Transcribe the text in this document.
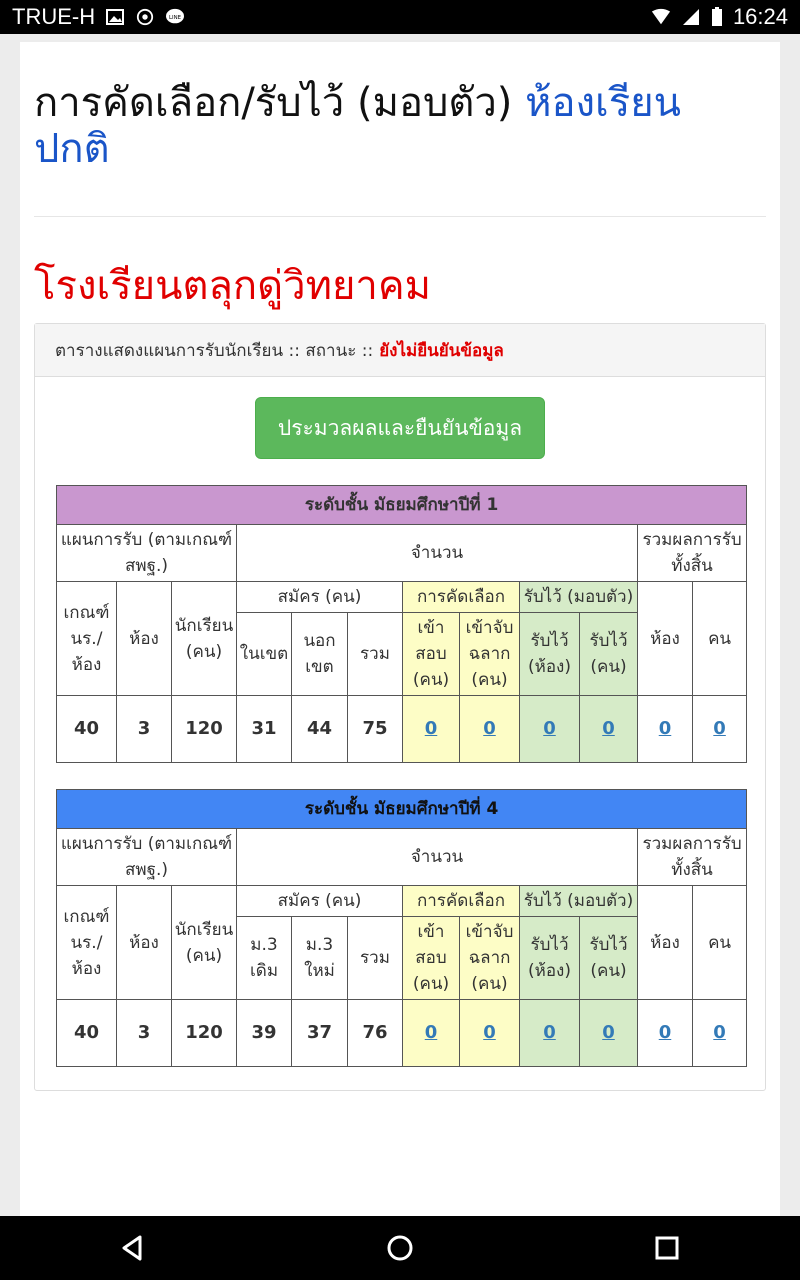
TRUE-H	LINE	16:24
การคัดเลือก/รับไว้ (มอบตัว) ห้องเรียน
ปกติ
โรงเรียนตลุกดู่วิทยาคม
ตารางแสดงแผนการรับนักเรียน :: สถานะ :: ยังไม่ยืนยันข้อมูล
ประมวลผลและยืนยันข้อมูล
ระดับชั้น มัธยมศึกษาปีที่ 1											
แผนการรับ (ตามเกณฑ์ สพฐ.)			จำนวน							รวมผลการรับทั้งสิ้น	
เกณฑ์ นร./ห้อง	ห้อง	นักเรียน (คน)	สมัคร (คน)			การคัดเลือก		รับไว้ (มอบตัว)		ห้อง	คน
			ในเขต	นอกเขต	รวม	เข้าสอบ (คน)	เข้าจับฉลาก (คน)	รับไว้ (ห้อง)	รับไว้ (คน)		
40	3	120	31	44	75	0	0	0	0	0	0
ระดับชั้น มัธยมศึกษาปีที่ 4											
แผนการรับ (ตามเกณฑ์ สพฐ.)			จำนวน							รวมผลการรับทั้งสิ้น	
เกณฑ์ นร./ห้อง	ห้อง	นักเรียน (คน)	สมัคร (คน)			การคัดเลือก		รับไว้ (มอบตัว)		ห้อง	คน
			ม.3 เดิม	ม.3 ใหม่	รวม	เข้าสอบ (คน)	เข้าจับฉลาก (คน)	รับไว้ (ห้อง)	รับไว้ (คน)		
40	3	120	39	37	76	0	0	0	0	0	0
